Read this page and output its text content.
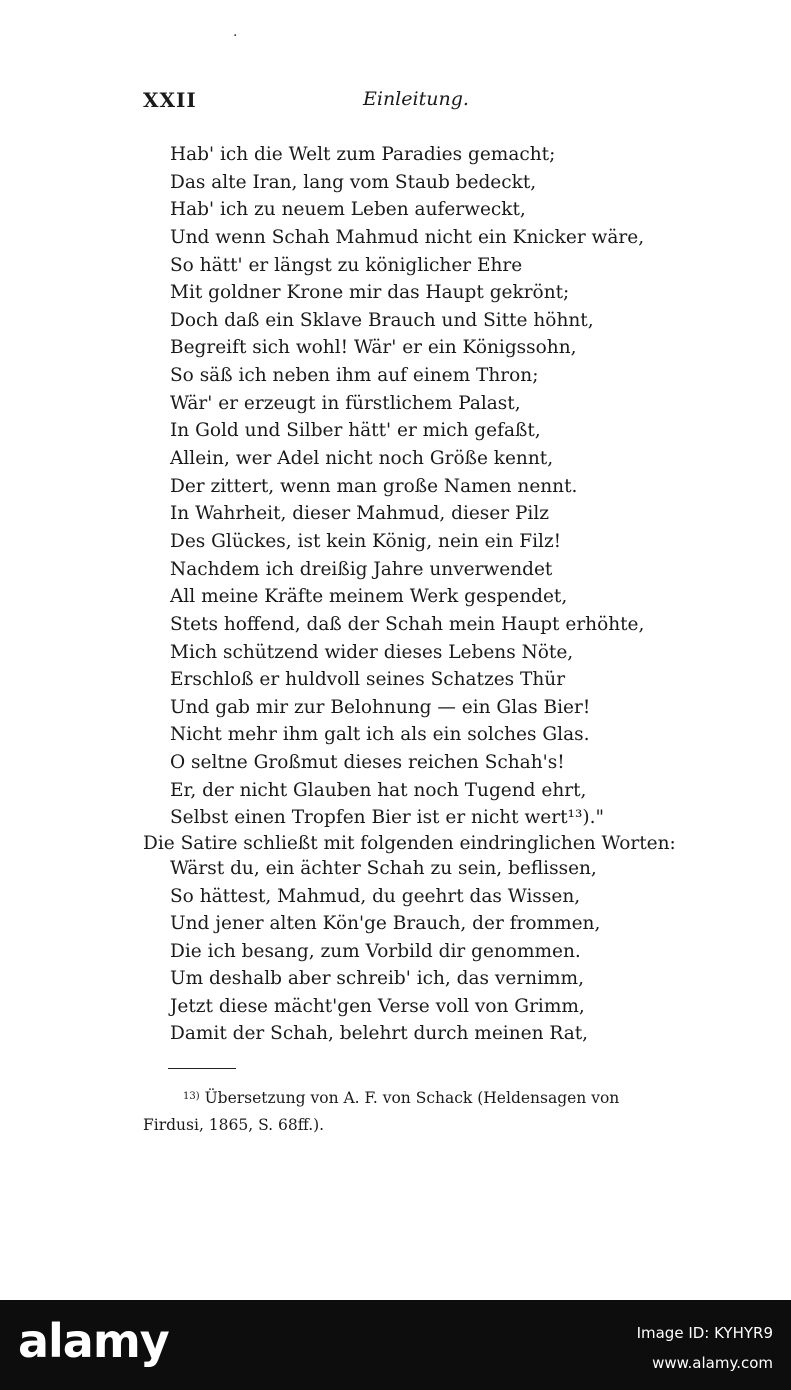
·
XXII	Einleitung.
Hab' ich die Welt zum Paradies gemacht;
Das alte Iran, lang vom Staub bedeckt,
Hab' ich zu neuem Leben auferweckt,
Und wenn Schah Mahmud nicht ein Knicker wäre,
So hätt' er längst zu königlicher Ehre
Mit goldner Krone mir das Haupt gekrönt;
Doch daß ein Sklave Brauch und Sitte höhnt,
Begreift sich wohl! Wär' er ein Königssohn,
So säß ich neben ihm auf einem Thron;
Wär' er erzeugt in fürstlichem Palast,
In Gold und Silber hätt' er mich gefaßt,
Allein, wer Adel nicht noch Größe kennt,
Der zittert, wenn man große Namen nennt.
In Wahrheit, dieser Mahmud, dieser Pilz
Des Glückes, ist kein König, nein ein Filz!
Nachdem ich dreißig Jahre unverwendet
All meine Kräfte meinem Werk gespendet,
Stets hoffend, daß der Schah mein Haupt erhöhte,
Mich schützend wider dieses Lebens Nöte,
Erschloß er huldvoll seines Schatzes Thür
Und gab mir zur Belohnung — ein Glas Bier!
Nicht mehr ihm galt ich als ein solches Glas.
O seltne Großmut dieses reichen Schah's!
Er, der nicht Glauben hat noch Tugend ehrt,
Selbst einen Tropfen Bier ist er nicht wert¹³)."

Die Satire schließt mit folgenden eindringlichen Worten:

Wärst du, ein ächter Schah zu sein, beflissen,
So hättest, Mahmud, du geehrt das Wissen,
Und jener alten Kön'ge Brauch, der frommen,
Die ich besang, zum Vorbild dir genommen.
Um deshalb aber schreib' ich, das vernimm,
Jetzt diese mächt'gen Verse voll von Grimm,
Damit der Schah, belehrt durch meinen Rat,
$^{13)}$ Übersetzung von A. F. von Schack (Heldensagen von Firdusi, 1865, S. 68ff.).
alamy	Image ID: KYHYR9
www.alamy.com
